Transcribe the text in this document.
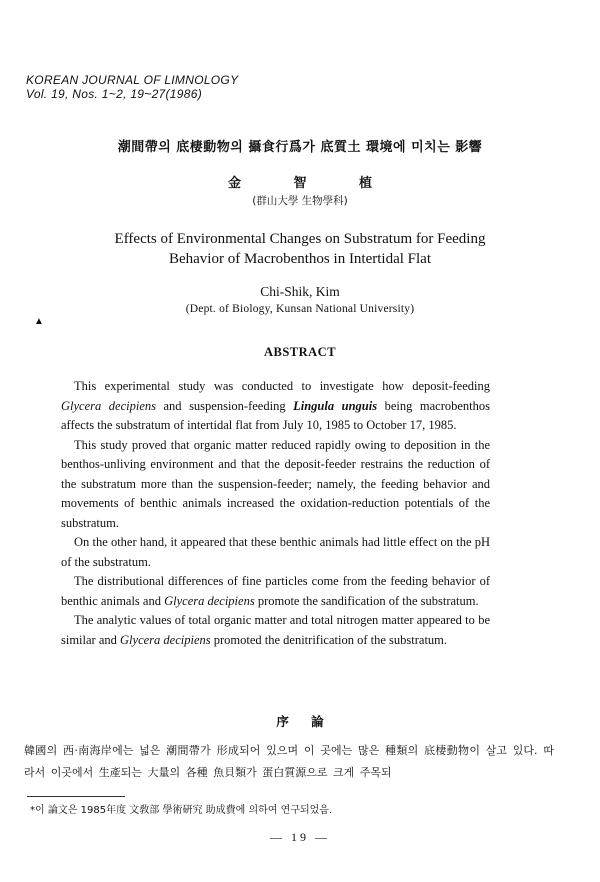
KOREAN JOURNAL OF LIMNOLOGY
Vol. 19, Nos. 1~2, 19~27(1986)
潮間帶의 底棲動物의 攝食行爲가 底質土 環境에 미치는 影響
金 智 植
(群山大學 生物學科)
Effects of Environmental Changes on Substratum for Feeding
Behavior of Macrobenthos in Intertidal Flat
Chi-Shik, Kim
(Dept. of Biology, Kunsan National University)
▲
ABSTRACT

This experimental study was conducted to investigate how deposit-feeding Glycera decipiens and suspension-feeding Lingula unguis being macrobenthos affects the substratum of intertidal flat from July 10, 1985 to October 17, 1985.

This study proved that organic matter reduced rapidly owing to deposition in the benthos-unliving environment and that the deposit-feeder restrains the reduction of the substratum more than the suspension-feeder; namely, the feeding behavior and movements of benthic animals increased the oxidation-reduction potentials of the substratum.

On the other hand, it appeared that these benthic animals had little effect on the pH of the substratum.

The distributional differences of fine particles come from the feeding behavior of benthic animals and Glycera decipiens promote the sandification of the substratum.

The analytic values of total organic matter and total nitrogen matter appeared to be similar and Glycera decipiens promoted the denitrification of the substratum.

序 論

韓國의 西·南海岸에는 넓은 潮間帶가 形成되어 있으며 이 곳에는 많은 種類의 底棲動物이 살고 있다. 따라서 이곳에서 生產되는 大量의 各種 魚貝類가 蛋白質源으로 크게 주목되

*이 論文은 1985年度 文敎部 學術硏究 助成費에 의하여 연구되었음.
— 19 —
